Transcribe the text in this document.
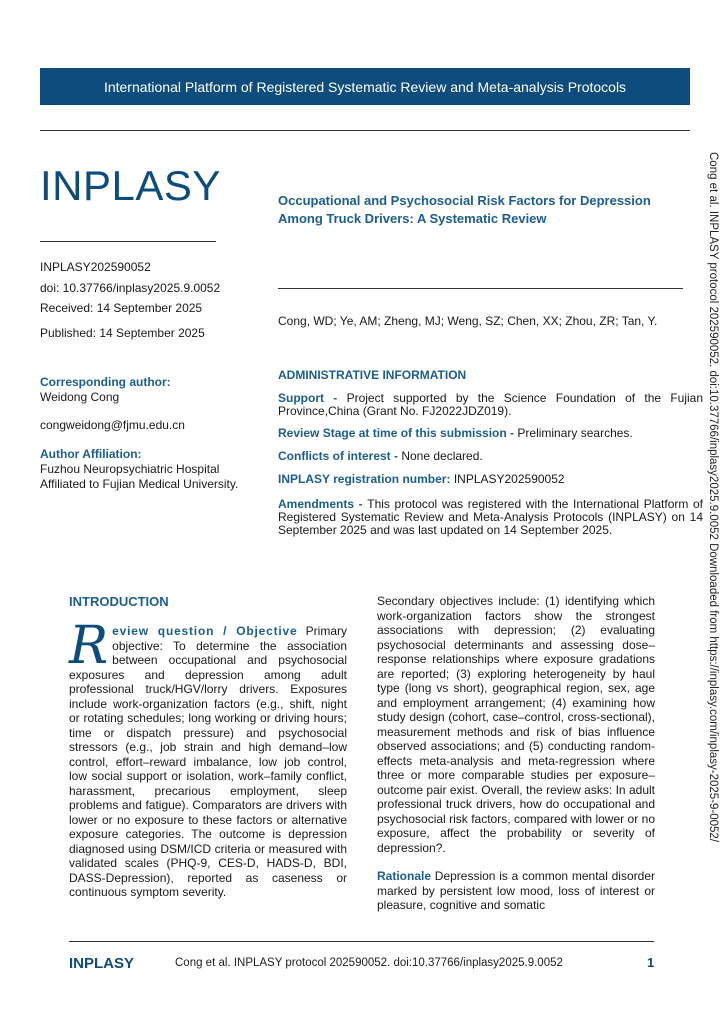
International Platform of Registered Systematic Review and Meta-analysis Protocols
INPLASY
INPLASY202590052
doi: 10.37766/inplasy2025.9.0052
Received: 14 September 2025
Published: 14 September 2025
Occupational and Psychosocial Risk Factors for Depression Among Truck Drivers: A Systematic Review
Cong, WD; Ye, AM; Zheng, MJ; Weng, SZ; Chen, XX; Zhou, ZR; Tan, Y.
Corresponding author:
Weidong Cong
congweidong@fjmu.edu.cn
Author Affiliation:
Fuzhou Neuropsychiatric Hospital Affiliated to Fujian Medical University.
ADMINISTRATIVE INFORMATION
Support - Project supported by the Science Foundation of the Fujian Province,China (Grant No. FJ2022JDZ019).
Review Stage at time of this submission - Preliminary searches.
Conflicts of interest - None declared.
INPLASY registration number: INPLASY202590052
Amendments - This protocol was registered with the International Platform of Registered Systematic Review and Meta-Analysis Protocols (INPLASY) on 14 September 2025 and was last updated on 14 September 2025.	Cong et al. INPLASY protocol 202590052. doi:10.37766/inplasy2025.9.0052 Downloaded from https://inplasy.com/inplasy-2025-9-0052/
INTRODUCTION
Review question / Objective Primary objective: To determine the association between occupational and psychosocial exposures and depression among adult professional truck/HGV/lorry drivers. Exposures include work-organization factors (e.g., shift, night or rotating schedules; long working or driving hours; time or dispatch pressure) and psychosocial stressors (e.g., job strain and high demand–low control, effort–reward imbalance, low job control, low social support or isolation, work–family conflict, harassment, precarious employment, sleep problems and fatigue). Comparators are drivers with lower or no exposure to these factors or alternative exposure categories. The outcome is depression diagnosed using DSM/ICD criteria or measured with validated scales (PHQ-9, CES-D, HADS-D, BDI, DASS-Depression), reported as caseness or continuous symptom severity.
Secondary objectives include: (1) identifying which work-organization factors show the strongest associations with depression; (2) evaluating psychosocial determinants and assessing dose–response relationships where exposure gradations are reported; (3) exploring heterogeneity by haul type (long vs short), geographical region, sex, age and employment arrangement; (4) examining how study design (cohort, case–control, cross-sectional), measurement methods and risk of bias influence observed associations; and (5) conducting random-effects meta-analysis and meta-regression where three or more comparable studies per exposure–outcome pair exist. Overall, the review asks: In adult professional truck drivers, how do occupational and psychosocial risk factors, compared with lower or no exposure, affect the probability or severity of depression?.
Rationale Depression is a common mental disorder marked by persistent low mood, loss of interest or pleasure, cognitive and somatic
INPLASY	Cong et al. INPLASY protocol 202590052. doi:10.37766/inplasy2025.9.0052	1
